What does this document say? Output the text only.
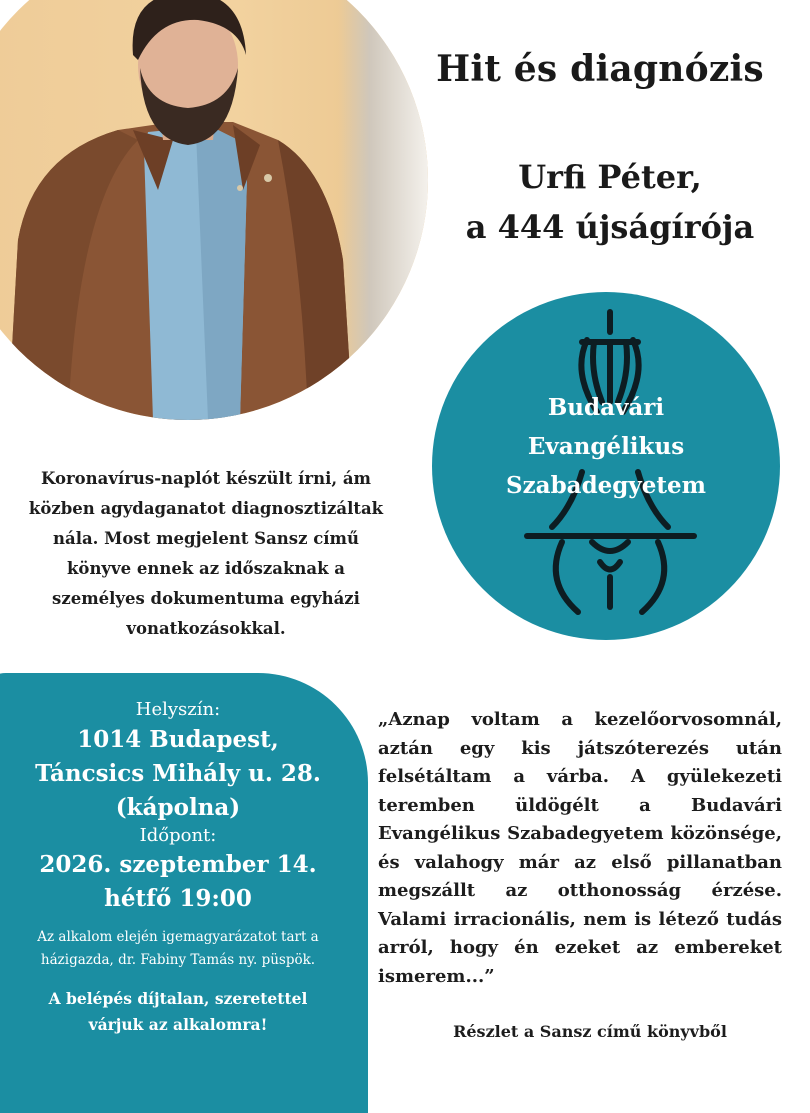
Hit és diagnózis
Urfi Péter,
a 444 újságírója
Budavári
Evangélikus
Szabadegyetem
Koronavírus-naplót készült írni, ám közben agydaganatot diagnosztizáltak nála. Most megjelent Sansz című könyve ennek az időszaknak a személyes dokumentuma egyházi vonatkozásokkal.
Helyszín:
1014 Budapest,
Táncsics Mihály u. 28.
(kápolna)
Időpont:
2026. szeptember 14.
hétfő 19:00
Az alkalom elején igemagyarázatot tart a házigazda, dr. Fabiny Tamás ny. püspök.
A belépés díjtalan, szeretettel várjuk az alkalomra!
„Aznap voltam a kezelőorvosomnál, aztán egy kis játszóterezés után felsétáltam a várba. A gyülekezeti teremben üldögélt a Budavári Evangélikus Szabadegyetem közönsége, és valahogy már az első pillanatban megszállt az otthonosság érzése. Valami irracionális, nem is létező tudás arról, hogy én ezeket az embereket ismerem...”
Részlet a Sansz című könyvből
